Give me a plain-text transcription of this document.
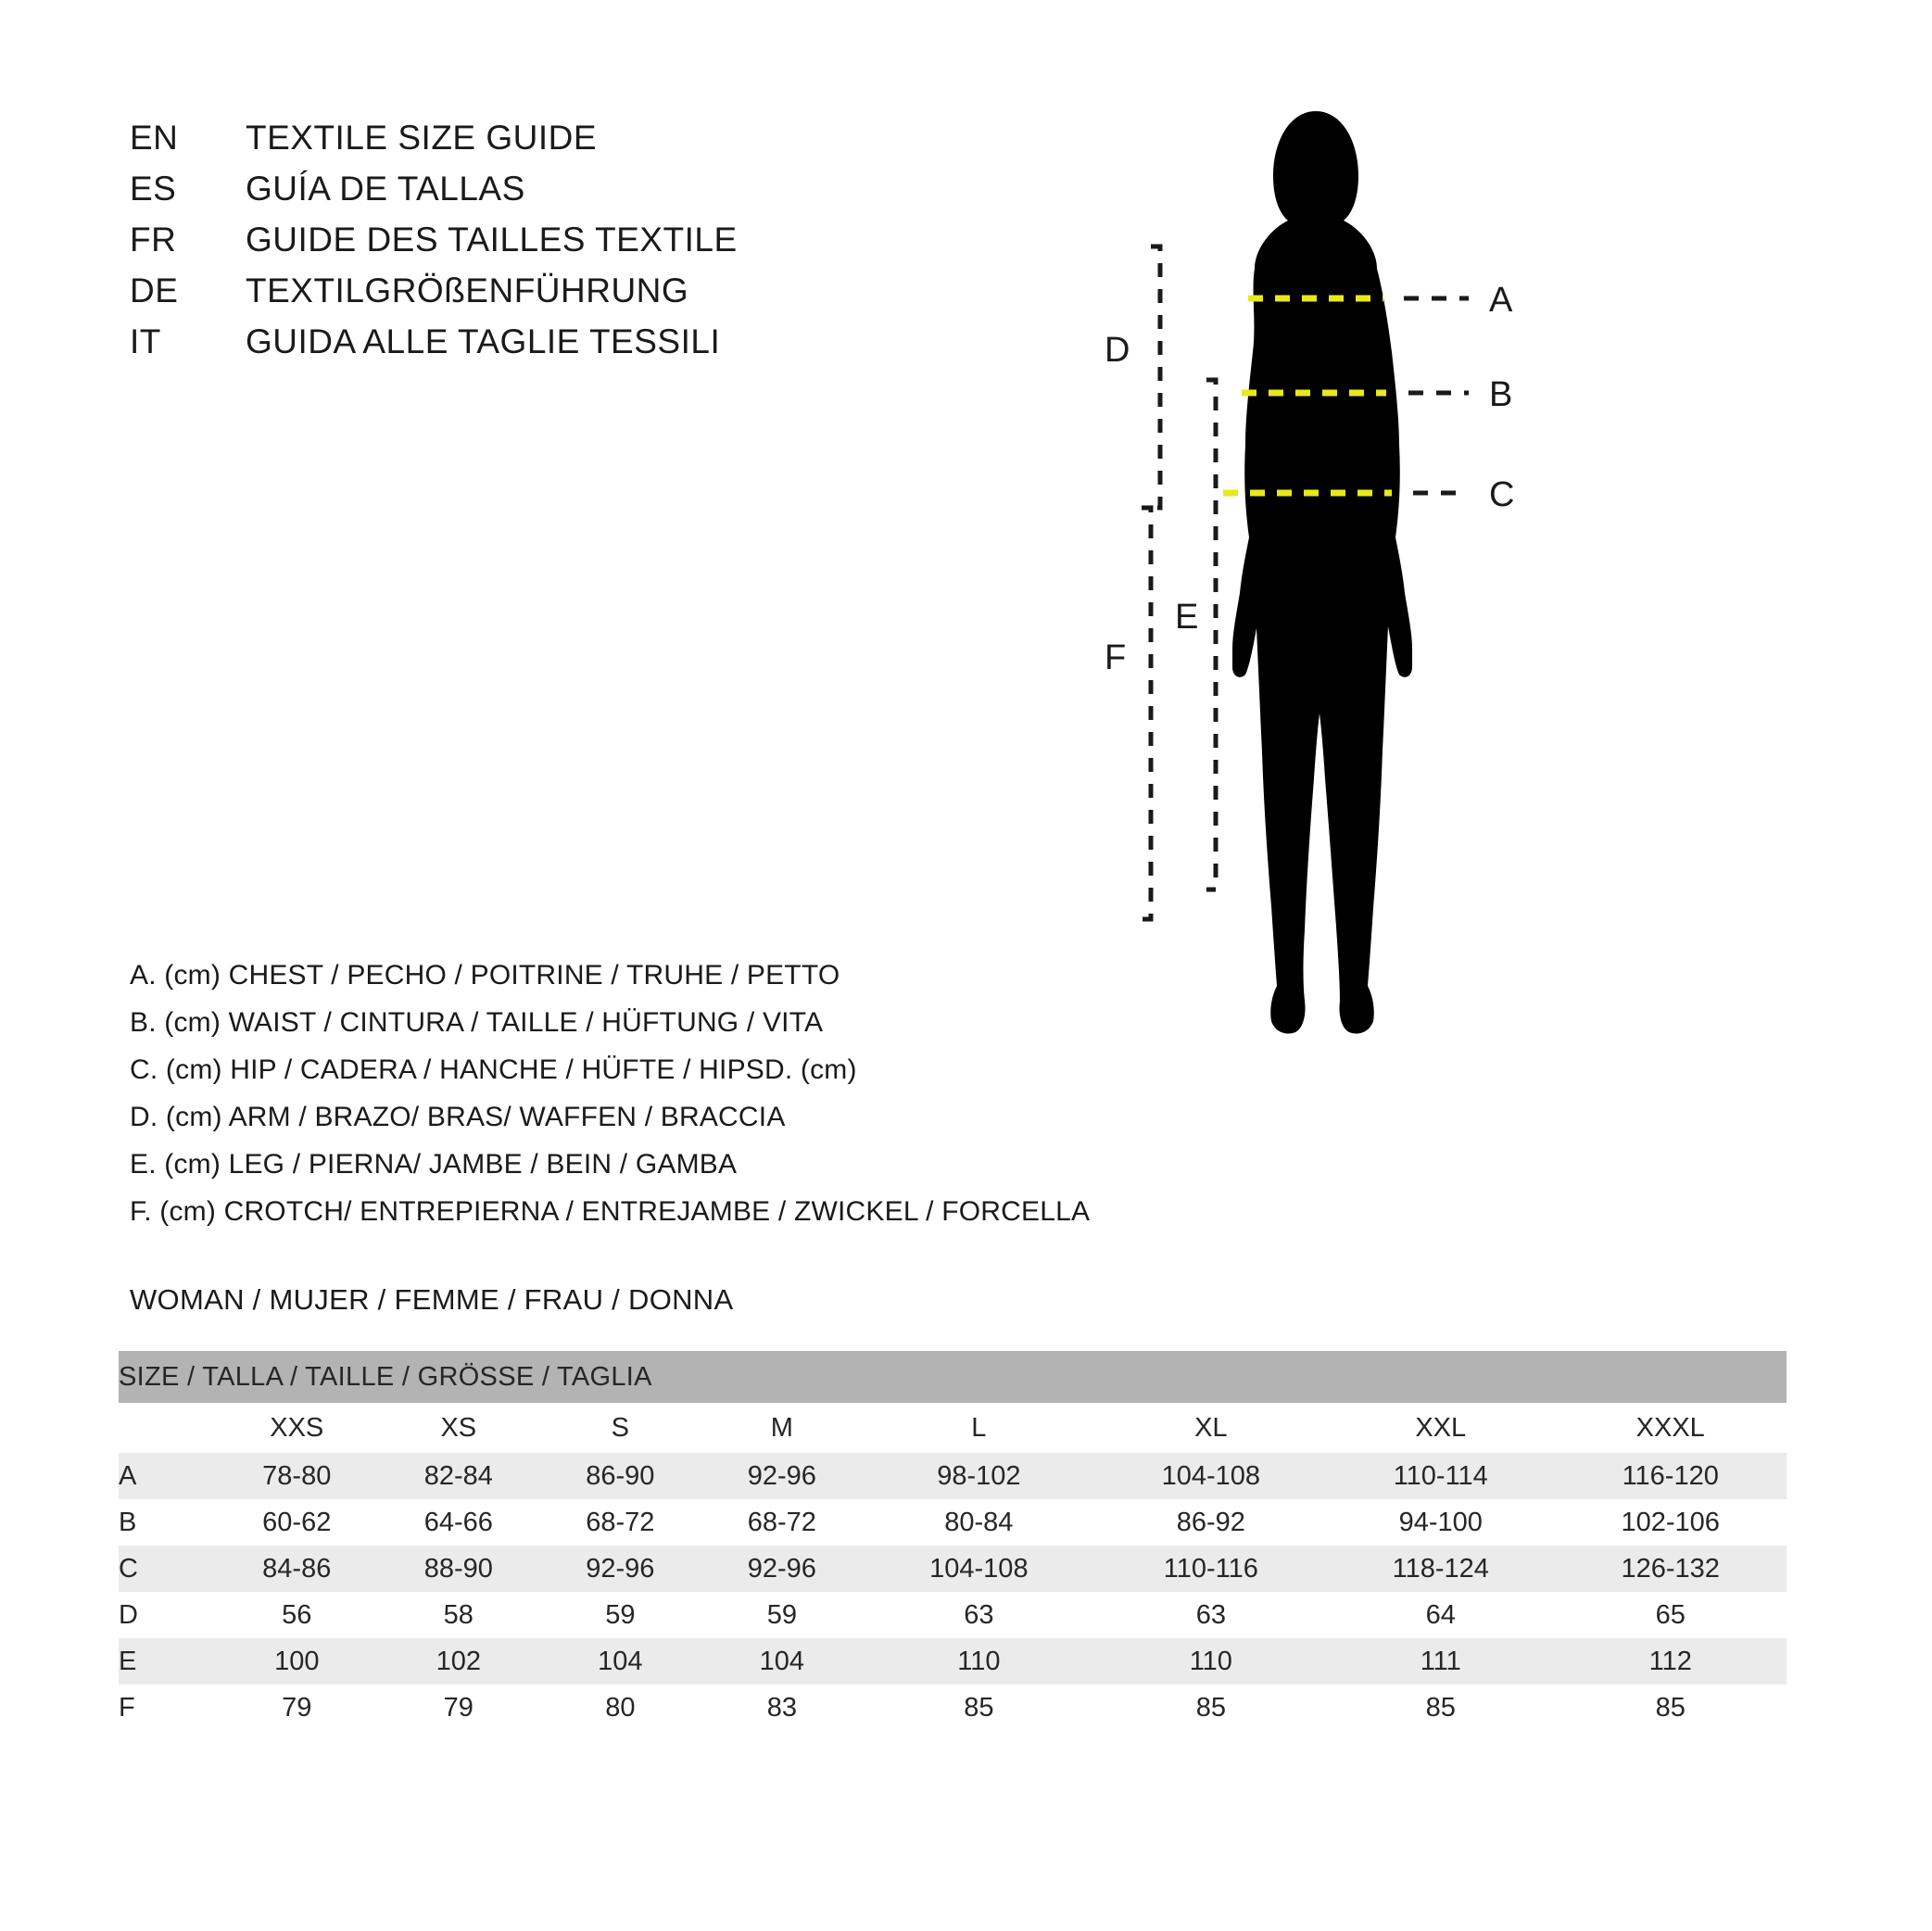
EN	TEXTILE SIZE GUIDE
ES	GUÍA DE TALLAS
FR	GUIDE DES TAILLES TEXTILE
DE	TEXTILGRÖßENFÜHRUNG
IT	GUIDA ALLE TAGLIE TESSILI
A
B
C
D
E
F
A. (cm) CHEST / PECHO / POITRINE / TRUHE / PETTO
B. (cm) WAIST / CINTURA / TAILLE / HÜFTUNG / VITA
C. (cm) HIP / CADERA / HANCHE / HÜFTE / HIPSD. (cm)
D. (cm) ARM / BRAZO/ BRAS/ WAFFEN / BRACCIA
E. (cm) LEG / PIERNA/ JAMBE / BEIN / GAMBA
F. (cm) CROTCH/ ENTREPIERNA / ENTREJAMBE / ZWICKEL / FORCELLA
WOMAN / MUJER / FEMME / FRAU / DONNA
SIZE / TALLA / TAILLE / GRÖSSE / TAGLIA								
	XXS	XS	S	M	L	XL	XXL	XXXL
A	78-80	82-84	86-90	92-96	98-102	104-108	110-114	116-120
B	60-62	64-66	68-72	68-72	80-84	86-92	94-100	102-106
C	84-86	88-90	92-96	92-96	104-108	110-116	118-124	126-132
D	56	58	59	59	63	63	64	65
E	100	102	104	104	110	110	111	112
F	79	79	80	83	85	85	85	85
